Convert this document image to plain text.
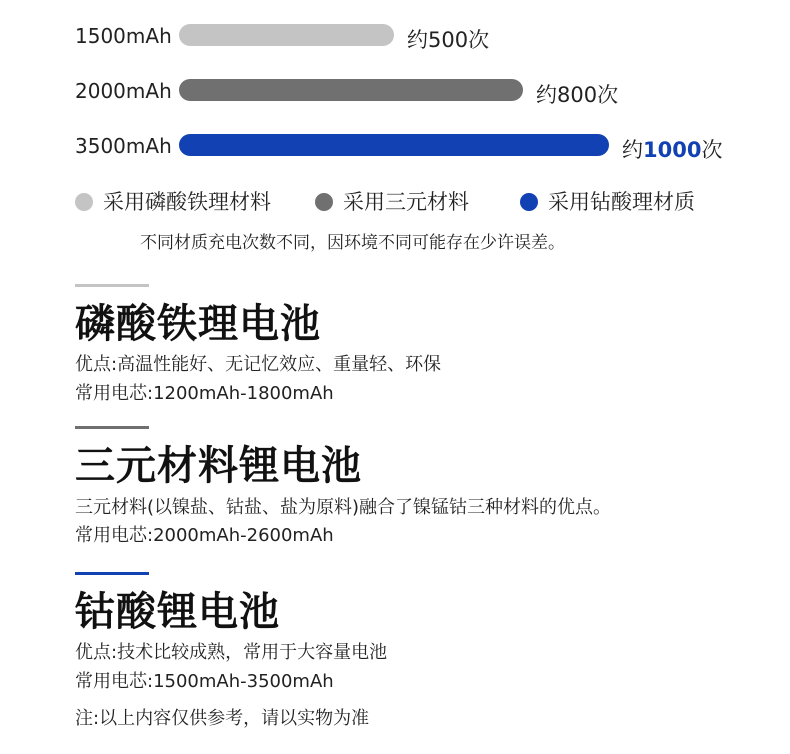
1500mAh	约500次
2000mAh	约800次
3500mAh	约1000次
采用磷酸铁理材料	采用三元材料	采用钻酸理材质
不同材质充电次数不同，因环境不同可能存在少许误差。
磷酸铁理电池
优点:高温性能好、无记忆效应、重量轻、环保
常用电芯:1200mAh-1800mAh
三元材料锂电池
三元材料(以镍盐、钴盐、盐为原料)融合了镍锰钴三种材料的优点。
常用电芯:2000mAh-2600mAh
钴酸锂电池
优点:技术比较成熟，常用于大容量电池
常用电芯:1500mAh-3500mAh
注:以上内容仅供参考，请以实物为准
